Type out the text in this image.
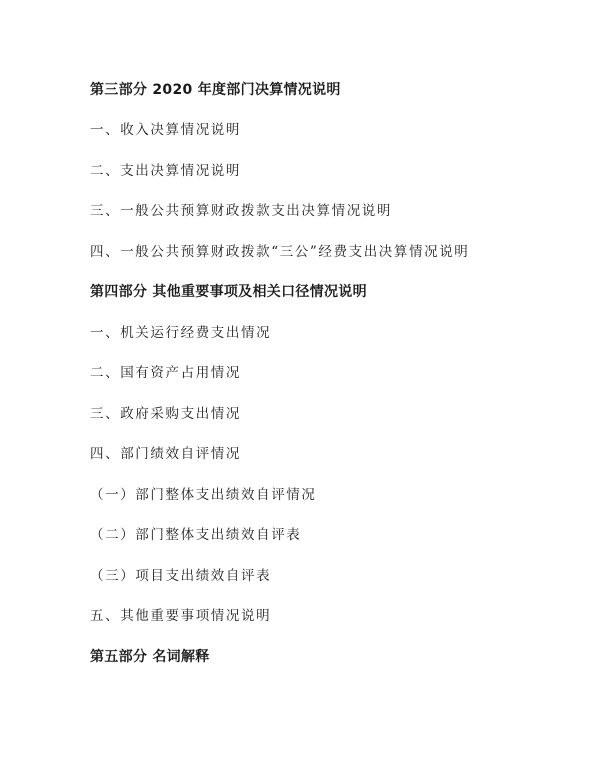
第三部分 2020 年度部门决算情况说明
一、收入决算情况说明
二、支出决算情况说明
三、一般公共预算财政拨款支出决算情况说明
四、一般公共预算财政拨款“三公”经费支出决算情况说明
第四部分 其他重要事项及相关口径情况说明
一、机关运行经费支出情况
二、国有资产占用情况
三、政府采购支出情况
四、部门绩效自评情况
（一）部门整体支出绩效自评情况
（二）部门整体支出绩效自评表
（三）项目支出绩效自评表
五、其他重要事项情况说明
第五部分 名词解释
